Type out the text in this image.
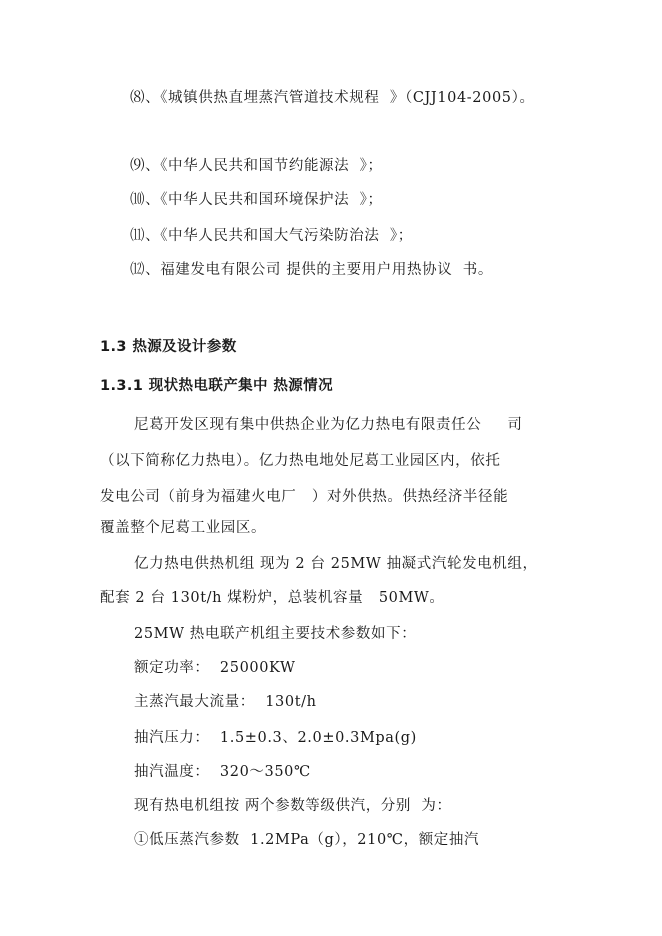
⑻、《城镇供热直埋蒸汽管道技术规程  》（CJJ104-2005）。
⑼、《中华人民共和国节约能源法  》；
⑽、《中华人民共和国环境保护法  》；
⑾、《中华人民共和国大气污染防治法  》；
⑿、福建发电有限公司 提供的主要用户用热协议  书。
1.3 热源及设计参数
1.3.1 现状热电联产集中 热源情况
尼葛开发区现有集中供热企业为亿力热电有限责任公     司
（以下简称亿力热电）。亿力热电地处尼葛工业园区内，依托
发电公司（前身为福建火电厂   ）对外供热。供热经济半径能
覆盖整个尼葛工业园区。
亿力热电供热机组 现为 2 台 25MW 抽凝式汽轮发电机组，
配套 2 台 130t/h 煤粉炉，总装机容量   50MW。
25MW 热电联产机组主要技术参数如下：
额定功率：  25000KW
主蒸汽最大流量：  130t/h
抽汽压力：  1.5±0.3、2.0±0.3Mpa(g)
抽汽温度：  320～350℃
现有热电机组按 两个参数等级供汽，分别  为：
①低压蒸汽参数  1.2MPa（g），210℃，额定抽汽
